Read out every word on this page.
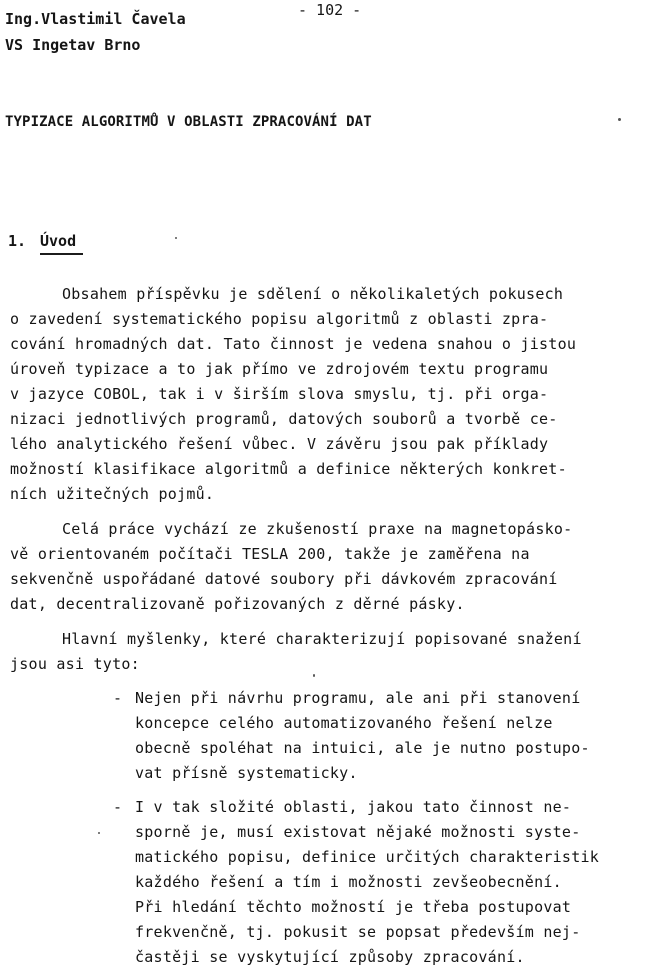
- 102 -
Ing.Vlastimil Čavela
VS Ingetav Brno
TYPIZACE ALGORITMŮ V OBLASTI ZPRACOVÁNÍ DAT
1. Úvod
Obsahem příspěvku je sdělení o několikaletých pokusech
o zavedení systematického popisu algoritmů z oblasti zpra-
cování hromadných dat. Tato činnost je vedena snahou o jistou
úroveň typizace a to jak přímo ve zdrojovém textu programu
v jazyce COBOL, tak i v širším slova smyslu, tj. při orga-
nizaci jednotlivých programů, datových souborů a tvorbě ce-
lého analytického řešení vůbec. V závěru jsou pak příklady
možností klasifikace algoritmů a definice některých konkret-
ních užitečných pojmů.
Celá práce vychází ze zkušeností praxe na magnetopásko-
vě orientovaném počítači TESLA 200, takže je zaměřena na
sekvenčně uspořádané datové soubory při dávkovém zpracování
dat, decentralizovaně pořizovaných z děrné pásky.
Hlavní myšlenky, které charakterizují popisované snažení
jsou asi tyto:
- Nejen při návrhu programu, ale ani při stanovení
koncepce celého automatizovaného řešení nelze
obecně spoléhat na intuici, ale je nutno postupo-
vat přísně systematicky.
- I v tak složité oblasti, jakou tato činnost ne-
sporně je, musí existovat nějaké možnosti syste-
matického popisu, definice určitých charakteristik
každého řešení a tím i možnosti zevšeobecnění.
Při hledání těchto možností je třeba postupovat
frekvenčně, tj. pokusit se popsat především nej-
častěji se vyskytující způsoby zpracování.
